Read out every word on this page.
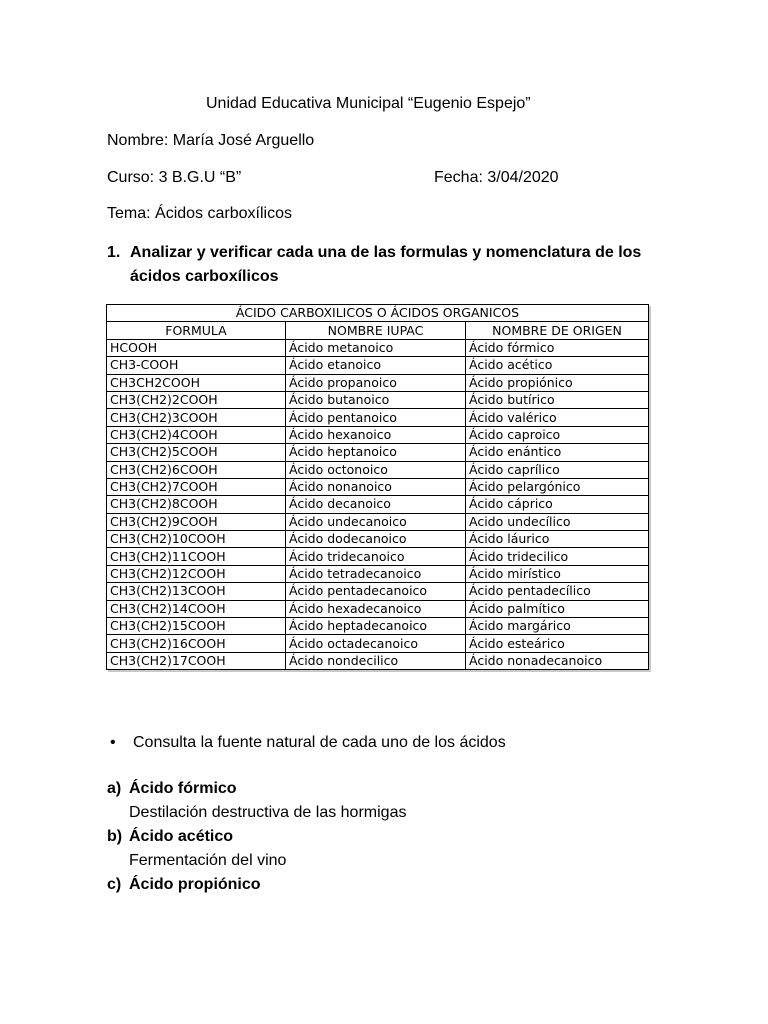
Unidad Educativa Municipal “Eugenio Espejo”
Nombre: María José Arguello
Curso: 3 B.G.U “B”	Fecha: 3/04/2020
Tema: Ácidos carboxílicos
1. Analizar y verificar cada una de las formulas y nomenclatura de los ácidos carboxílicos
ÁCIDO CARBOXILICOS O ÁCIDOS ORGANICOS		
FORMULA	NOMBRE IUPAC	NOMBRE DE ORIGEN
HCOOH	Ácido metanoico	Ácido fórmico
CH3-COOH	Ácido etanoico	Ácido acético
CH3CH2COOH	Ácido propanoico	Ácido propiónico
CH3(CH2)2COOH	Ácido butanoico	Ácido butírico
CH3(CH2)3COOH	Ácido pentanoico	Ácido valérico
CH3(CH2)4COOH	Ácido hexanoico	Ácido caproico
CH3(CH2)5COOH	Ácido heptanoico	Ácido enántico
CH3(CH2)6COOH	Ácido octonoico	Ácido caprílico
CH3(CH2)7COOH	Ácido nonanoico	Ácido pelargónico
CH3(CH2)8COOH	Ácido decanoico	Ácido cáprico
CH3(CH2)9COOH	Ácido undecanoico	Acido undecílico
CH3(CH2)10COOH	Ácido dodecanoico	Ácido láurico
CH3(CH2)11COOH	Ácido tridecanoico	Ácido tridecilico
CH3(CH2)12COOH	Ácido tetradecanoico	Ácido mirístico
CH3(CH2)13COOH	Ácido pentadecanoico	Ácido pentadecílico
CH3(CH2)14COOH	Ácido hexadecanoico	Ácido palmítico
CH3(CH2)15COOH	Ácido heptadecanoico	Ácido margárico
CH3(CH2)16COOH	Ácido octadecanoico	Ácido esteárico
CH3(CH2)17COOH	Ácido nondecilico	Ácido nonadecanoico
• Consulta la fuente natural de cada uno de los ácidos
a) Ácido fórmico
Destilación destructiva de las hormigas
b) Ácido acético
Fermentación del vino
c) Ácido propiónico
